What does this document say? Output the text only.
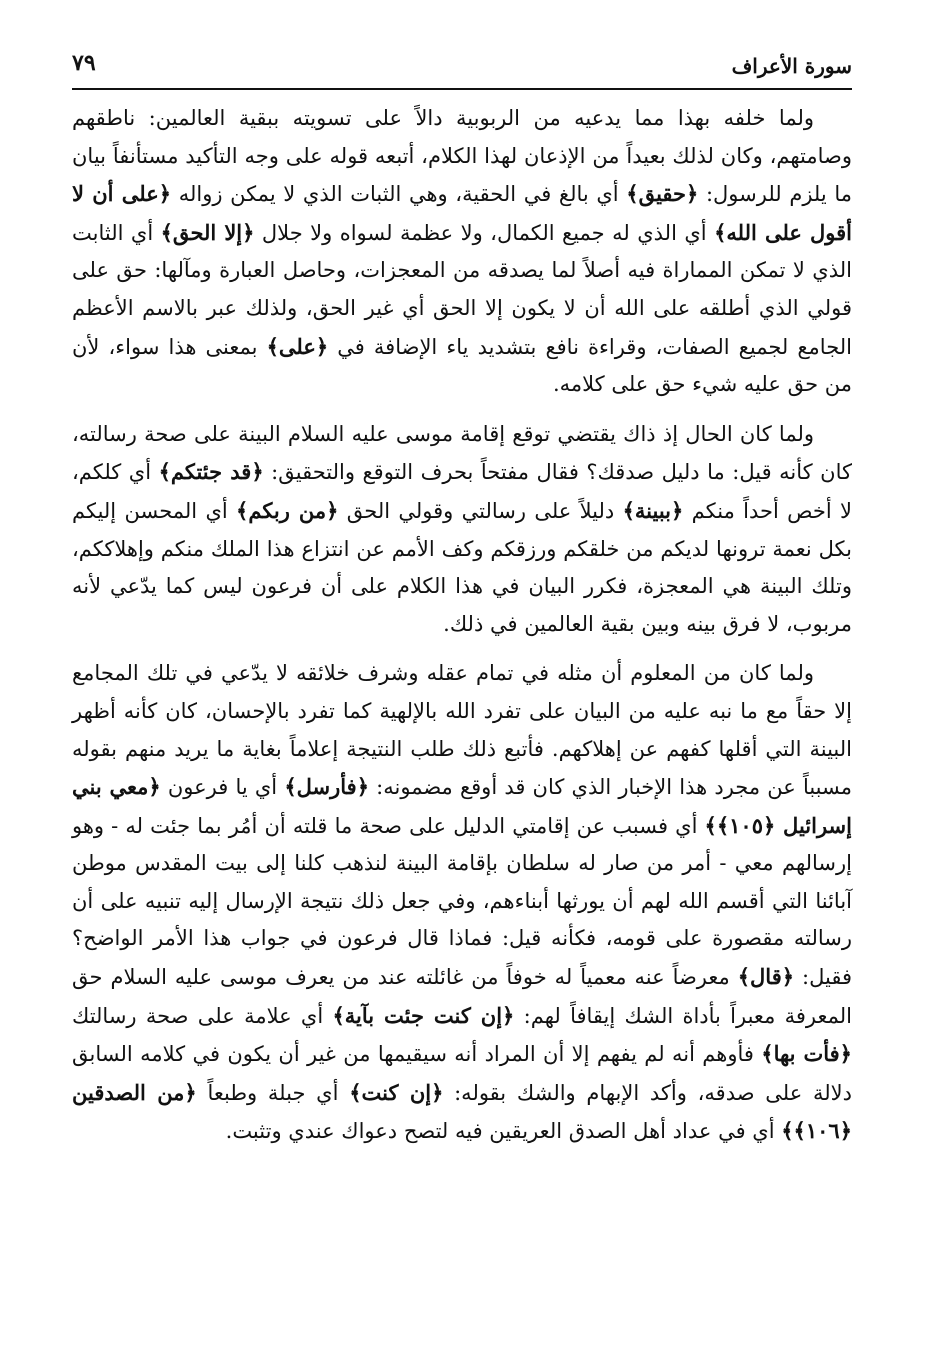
سورة الأعراف
٧٩

ولما خلفه بهذا مما يدعيه من الربوبية دالاً على تسويته ببقية العالمين: ناطقهم وصامتهم، وكان لذلك بعيداً من الإذعان لهذا الكلام، أتبعه قوله على وجه التأكيد مستأنفاً بيان ما يلزم للرسول: ﴿حقيق﴾ أي بالغ في الحقية، وهي الثبات الذي لا يمكن زواله ﴿على أن لا أقول على الله﴾ أي الذي له جميع الكمال، ولا عظمة لسواه ولا جلال ﴿إلا الحق﴾ أي الثابت الذي لا تمكن المماراة فيه أصلاً لما يصدقه من المعجزات، وحاصل العبارة ومآلها: حق على قولي الذي أطلقه على الله أن لا يكون إلا الحق أي غير الحق، ولذلك عبر بالاسم الأعظم الجامع لجميع الصفات، وقراءة نافع بتشديد ياء الإضافة في ﴿على﴾ بمعنى هذا سواء، لأن من حق عليه شيء حق على كلامه.

ولما كان الحال إذ ذاك يقتضي توقع إقامة موسى عليه السلام البينة على صحة رسالته، كان كأنه قيل: ما دليل صدقك؟ فقال مفتحاً بحرف التوقع والتحقيق: ﴿قد جئتكم﴾ أي كلكم، لا أخص أحداً منكم ﴿ببينة﴾ دليلاً على رسالتي وقولي الحق ﴿من ربكم﴾ أي المحسن إليكم بكل نعمة ترونها لديكم من خلقكم ورزقكم وكف الأمم عن انتزاع هذا الملك منكم وإهلاككم، وتلك البينة هي المعجزة، فكرر البيان في هذا الكلام على أن فرعون ليس كما يدّعي لأنه مربوب، لا فرق بينه وبين بقية العالمين في ذلك.

ولما كان من المعلوم أن مثله في تمام عقله وشرف خلائقه لا يدّعي في تلك المجامع إلا حقاً مع ما نبه عليه من البيان على تفرد الله بالإلهية كما تفرد بالإحسان، كان كأنه أظهر البينة التي أقلها كفهم عن إهلاكهم. فأتبع ذلك طلب النتيجة إعلاماً بغاية ما يريد منهم بقوله مسبباً عن مجرد هذا الإخبار الذي كان قد أوقع مضمونه: ﴿فأرسل﴾ أي يا فرعون ﴿معي بني إسرائيل ﴿١٠٥﴾﴾ أي فسبب عن إقامتي الدليل على صحة ما قلته أن أمُر بما جئت له - وهو إرسالهم معي - أمر من صار له سلطان بإقامة البينة لنذهب كلنا إلى بيت المقدس موطن آبائنا التي أقسم الله لهم أن يورثها أبناءهم، وفي جعل ذلك نتيجة الإرسال إليه تنبيه على أن رسالته مقصورة على قومه، فكأنه قيل: فماذا قال فرعون في جواب هذا الأمر الواضح؟ فقيل: ﴿قال﴾ معرضاً عنه معمياً له خوفاً من غائلته عند من يعرف موسى عليه السلام حق المعرفة معبراً بأداة الشك إيقافاً لهم: ﴿إن كنت جئت بآية﴾ أي علامة على صحة رسالتك ﴿فأت بها﴾ فأوهم أنه لم يفهم إلا أن المراد أنه سيقيمها من غير أن يكون في كلامه السابق دلالة على صدقه، وأكد الإبهام والشك بقوله: ﴿إن كنت﴾ أي جبلة وطبعاً ﴿من الصدقين ﴿١٠٦﴾﴾ أي في عداد أهل الصدق العريقين فيه لتصح دعواك عندي وتثبت.
